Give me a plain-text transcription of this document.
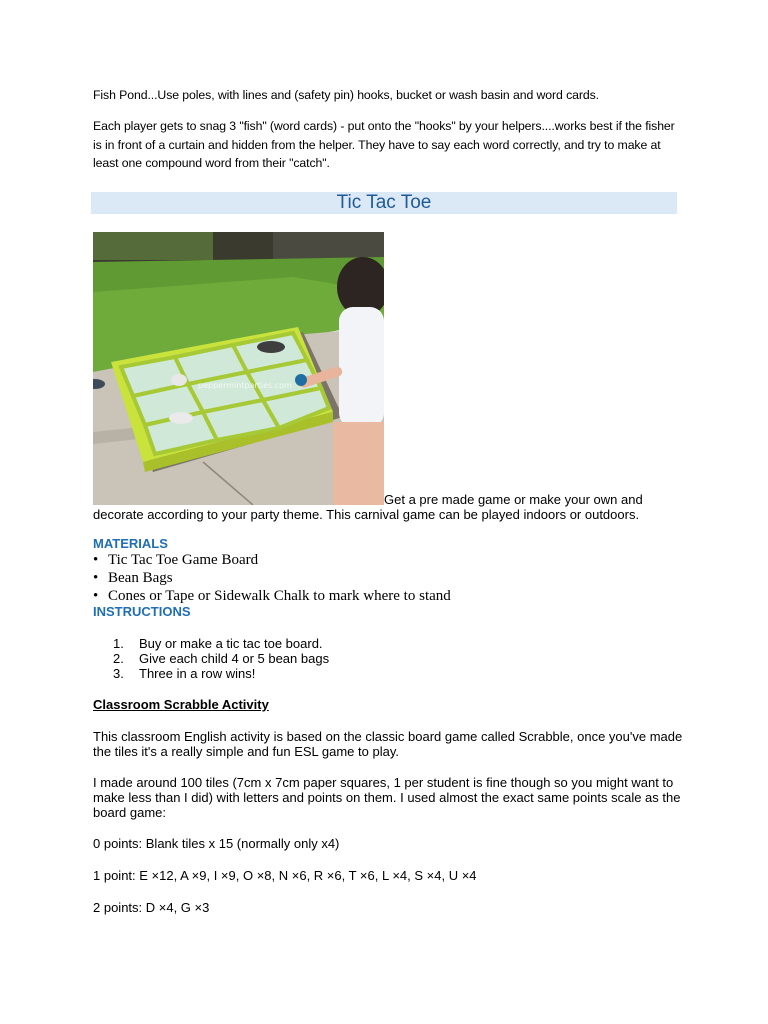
Fish Pond...Use poles, with lines and (safety pin) hooks, bucket or wash basin and word cards.
Each player gets to snag 3 "fish" (word cards) - put onto the "hooks" by your helpers....works best if the fisher is in front of a curtain and hidden from the helper. They have to say each word correctly, and try to make at least one compound word from their "catch".
Tic Tac Toe
peppermintparties.com
Get a pre made game or make your own and
decorate according to your party theme. This carnival game can be played indoors or outdoors.
MATERIALS
• Tic Tac Toe Game Board
• Bean Bags
• Cones or Tape or Sidewalk Chalk to mark where to stand
INSTRUCTIONS
1. Buy or make a tic tac toe board.
2. Give each child 4 or 5 bean bags
3. Three in a row wins!
Classroom Scrabble Activity
This classroom English activity is based on the classic board game called Scrabble, once you've made the tiles it's a really simple and fun ESL game to play.
I made around 100 tiles (7cm x 7cm paper squares, 1 per student is fine though so you might want to make less than I did) with letters and points on them. I used almost the exact same points scale as the board game:
0 points: Blank tiles x 15 (normally only x4)
1 point: E ×12, A ×9, I ×9, O ×8, N ×6, R ×6, T ×6, L ×4, S ×4, U ×4
2 points: D ×4, G ×3
